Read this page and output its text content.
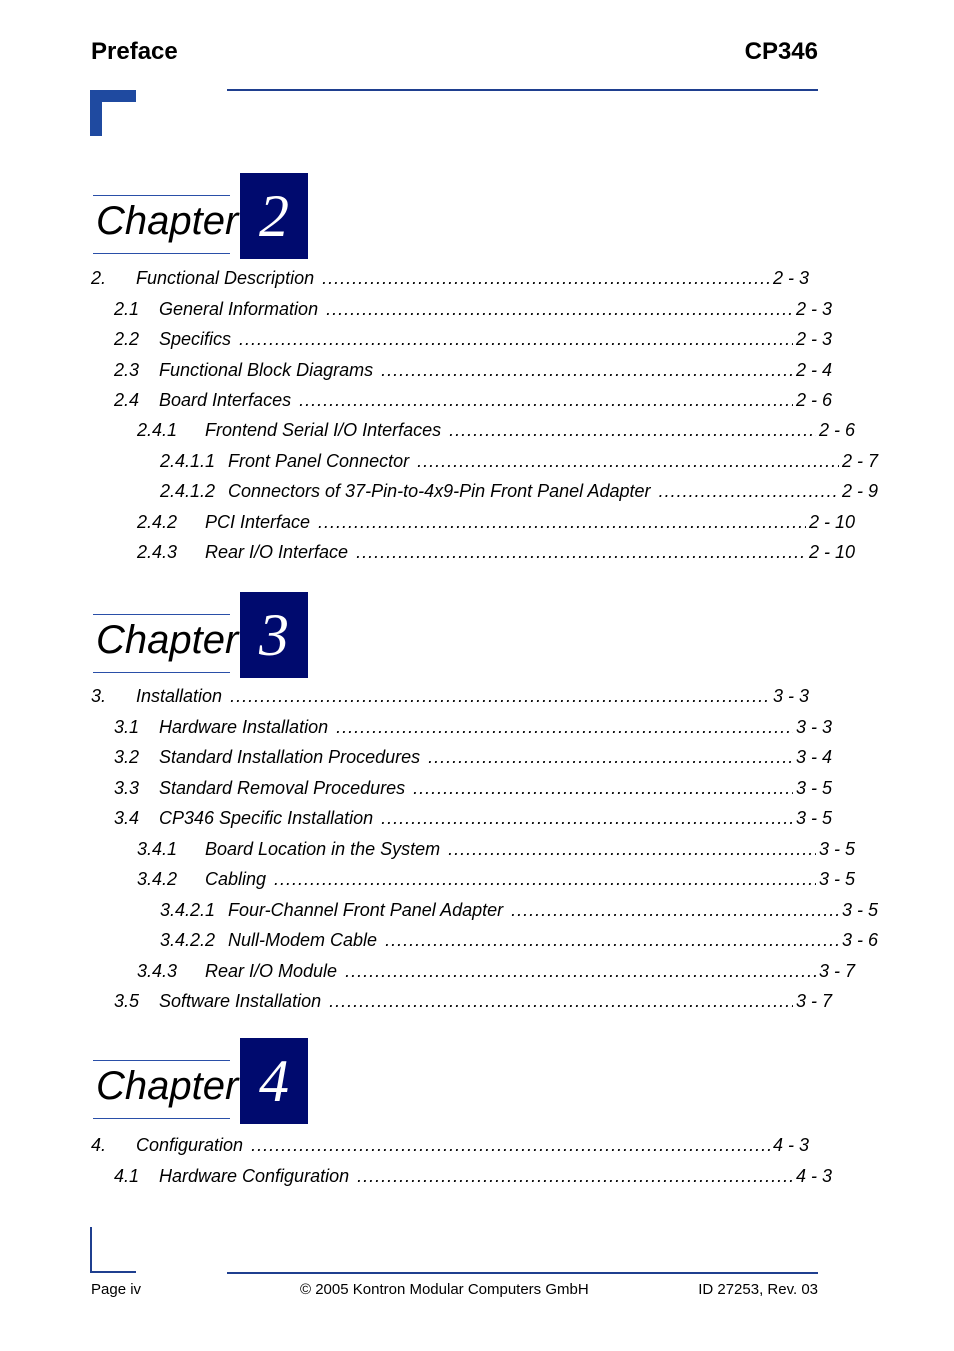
Preface	CP346
Chapter 2
2.	Functional Description .....	2 - 3
2.1	General Information .....	2 - 3
2.2	Specifics .....	2 - 3
2.3	Functional Block Diagrams .....	2 - 4
2.4	Board Interfaces .....	2 - 6
2.4.1	Frontend Serial I/O Interfaces .....	2 - 6
2.4.1.1 Front Panel Connector .....	2 - 7
2.4.1.2 Connectors of 37-Pin-to-4x9-Pin Front Panel Adapter .....	2 - 9
2.4.2	PCI Interface .....	2 - 10
2.4.3	Rear I/O Interface .....	2 - 10
Chapter 3
3.	Installation .....	3 - 3
3.1	Hardware Installation .....	3 - 3
3.2	Standard Installation Procedures .....	3 - 4
3.3	Standard Removal Procedures .....	3 - 5
3.4	CP346 Specific Installation .....	3 - 5
3.4.1	Board Location in the System .....	3 - 5
3.4.2	Cabling .....	3 - 5
3.4.2.1 Four-Channel Front Panel Adapter .....	3 - 5
3.4.2.2 Null-Modem Cable .....	3 - 6
3.4.3	Rear I/O Module .....	3 - 7
3.5	Software Installation .....	3 - 7
Chapter 4
4.	Configuration .....	4 - 3
4.1	Hardware Configuration .....	4 - 3
Page iv	© 2005 Kontron Modular Computers GmbH	ID 27253, Rev. 03
